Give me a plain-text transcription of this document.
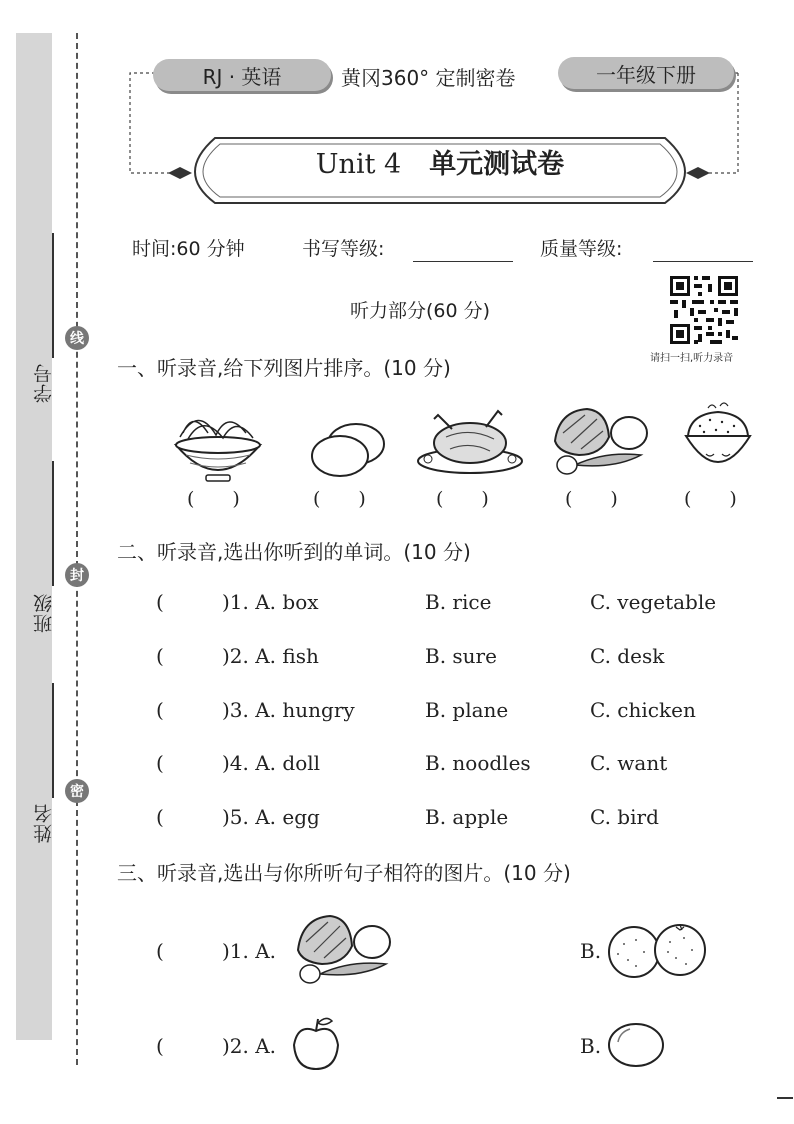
学号
班级
姓名
线
封
密
RJ · 英语	黄冈360° 定制密卷	一年级下册
Unit 4 单元测试卷
时间:60 分钟	书写等级:	质量等级:
听力部分(60 分)
请扫一扫,听力录音
一、听录音,给下列图片排序。(10 分)
(　　)	(　　)	(　　)	(　　)	(　　)
二、听录音,选出你听到的单词。(10 分)
(	)1. A. box	B. rice	C. vegetable
(	)2. A. fish	B. sure	C. desk
(	)3. A. hungry	B. plane	C. chicken
(	)4. A. doll	B. noodles	C. want
(	)5. A. egg	B. apple	C. bird
三、听录音,选出与你所听句子相符的图片。(10 分)
(	)1. A.	B.
(	)2. A.	B.
